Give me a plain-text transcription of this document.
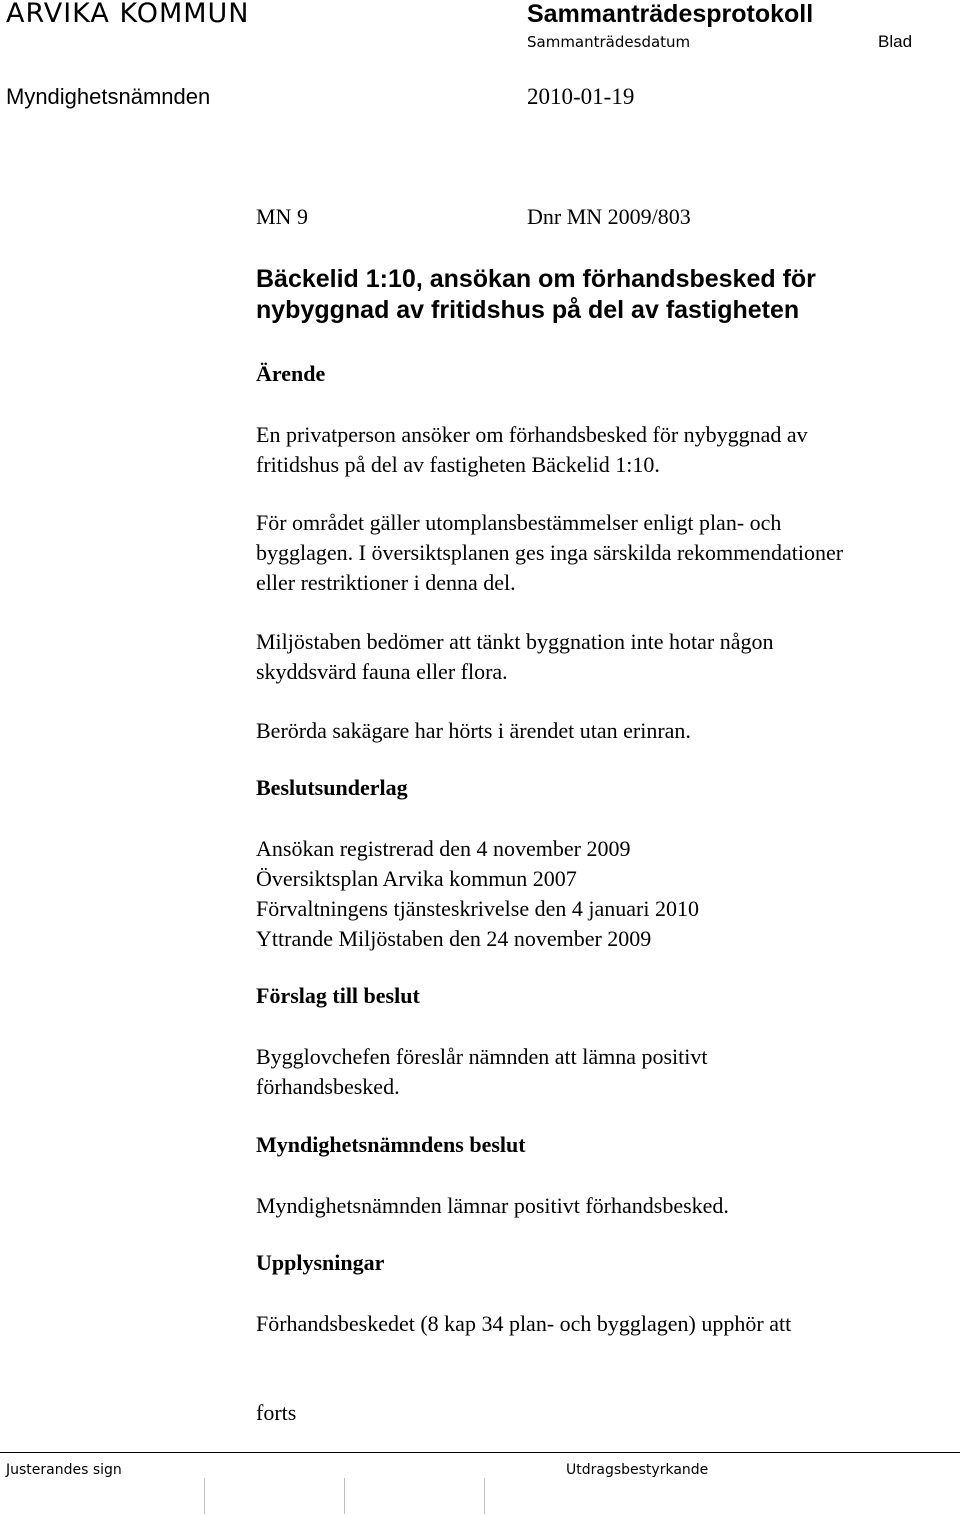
ARVIKA KOMMUN	Sammanträdesprotokoll
Sammanträdesdatum	Blad
Myndighetsnämnden	2010-01-19
MN 9	Dnr MN 2009/803
Bäckelid 1:10, ansökan om förhandsbesked för
nybyggnad av fritidshus på del av fastigheten
Ärende
En privatperson ansöker om förhandsbesked för nybyggnad av
fritidshus på del av fastigheten Bäckelid 1:10.
För området gäller utomplansbestämmelser enligt plan- och
bygglagen. I översiktsplanen ges inga särskilda rekommendationer
eller restriktioner i denna del.
Miljöstaben bedömer att tänkt byggnation inte hotar någon
skyddsvärd fauna eller flora.
Berörda sakägare har hörts i ärendet utan erinran.
Beslutsunderlag
Ansökan registrerad den 4 november 2009
Översiktsplan Arvika kommun 2007
Förvaltningens tjänsteskrivelse den 4 januari 2010
Yttrande Miljöstaben den 24 november 2009
Förslag till beslut
Bygglovchefen föreslår nämnden att lämna positivt
förhandsbesked.
Myndighetsnämndens beslut
Myndighetsnämnden lämnar positivt förhandsbesked.
Upplysningar
Förhandsbeskedet (8 kap 34 plan- och bygglagen) upphör att
forts
Justerandes sign	Utdragsbestyrkande
